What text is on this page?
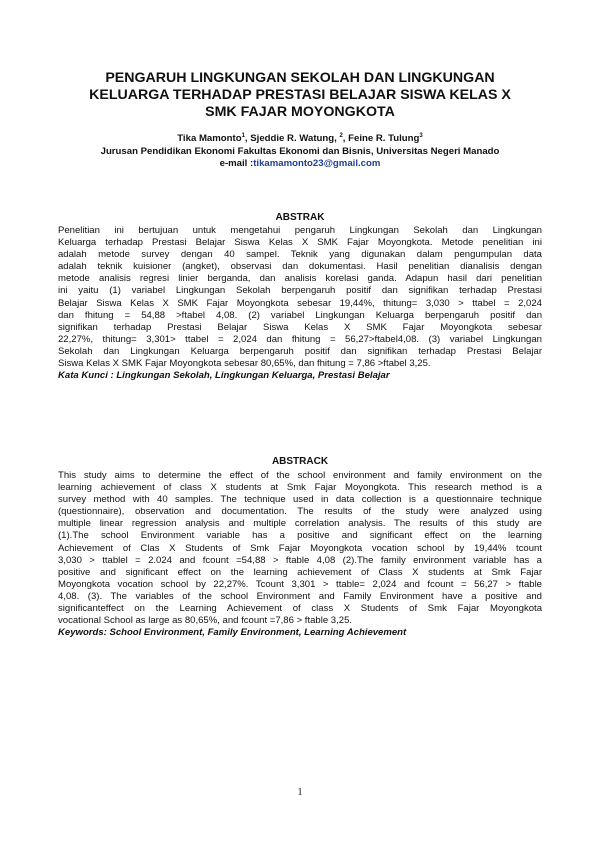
PENGARUH LINGKUNGAN SEKOLAH DAN LINGKUNGAN
KELUARGA TERHADAP PRESTASI BELAJAR SISWA KELAS X
SMK FAJAR MOYONGKOTA
Tika Mamonto$^1$, Sjeddie R. Watung, $^2$, Feine R. Tulung$^3$
Jurusan Pendidikan Ekonomi Fakultas Ekonomi dan Bisnis, Universitas Negeri Manado
e-mail :tikamamonto23@gmail.com
ABSTRAK
Penelitian ini bertujuan untuk mengetahui pengaruh Lingkungan Sekolah dan Lingkungan
Keluarga terhadap Prestasi Belajar Siswa Kelas X SMK Fajar Moyongkota. Metode penelitian ini
adalah metode survey dengan 40 sampel. Teknik yang digunakan dalam pengumpulan data
adalah teknik kuisioner (angket), observasi dan dokumentasi. Hasil penelitian dianalisis dengan
metode analisis regresi linier berganda, dan analisis korelasi ganda. Adapun hasil dari penelitian
ini yaitu (1) variabel Lingkungan Sekolah berpengaruh positif dan signifikan terhadap Prestasi
Belajar Siswa Kelas X SMK Fajar Moyongkota sebesar 19,44%, thitung= 3,030 > ttabel = 2,024
dan fhitung = 54,88 >ftabel 4,08. (2) variabel Lingkungan Keluarga berpengaruh positif dan
signifikan terhadap Prestasi Belajar Siswa Kelas X SMK Fajar Moyongkota sebesar
22,27%, thitung= 3,301> ttabel = 2,024 dan fhitung = 56,27>ftabel4,08. (3) variabel Lingkungan
Sekolah dan Lingkungan Keluarga berpengaruh positif dan signifikan terhadap Prestasi Belajar
Siswa Kelas X SMK Fajar Moyongkota sebesar 80,65%, dan fhitung = 7,86 >ftabel 3,25.
Kata Kunci : Lingkungan Sekolah, Lingkungan Keluarga, Prestasi Belajar
ABSTRACK
This study aims to determine the effect of the school environment and family environment on the
learning achievement of class X students at Smk Fajar Moyongkota. This research method is a
survey method with 40 samples. The technique used in data collection is a questionnaire technique
(questionnaire), observation and documentation. The results of the study were analyzed using
multiple linear regression analysis and multiple correlation analysis. The results of this study are
(1).The school Environment variable has a positive and significant effect on the learning
Achievement of Clas X Students of Smk Fajar Moyongkota vocation school by 19,44% tcount
3,030 > ttablel = 2.024 and fcount =54,88 > ftable 4,08 (2).The family environment variable has a
positive and significant effect on the learning achievement of Class X students at Smk Fajar
Moyongkota vocation school by 22,27%. Tcount 3,301 > ttable= 2,024 and fcount = 56,27 > ftable
4,08. (3). The variables of the school Environment and Family Environment have a positive and
significanteffect on the Learning Achievement of class X Students of Smk Fajar Moyongkota
vocational School as large as 80,65%, and fcount =7,86 > ftable 3,25.
Keywords: School Environment, Family Environment, Learning Achievement
1
